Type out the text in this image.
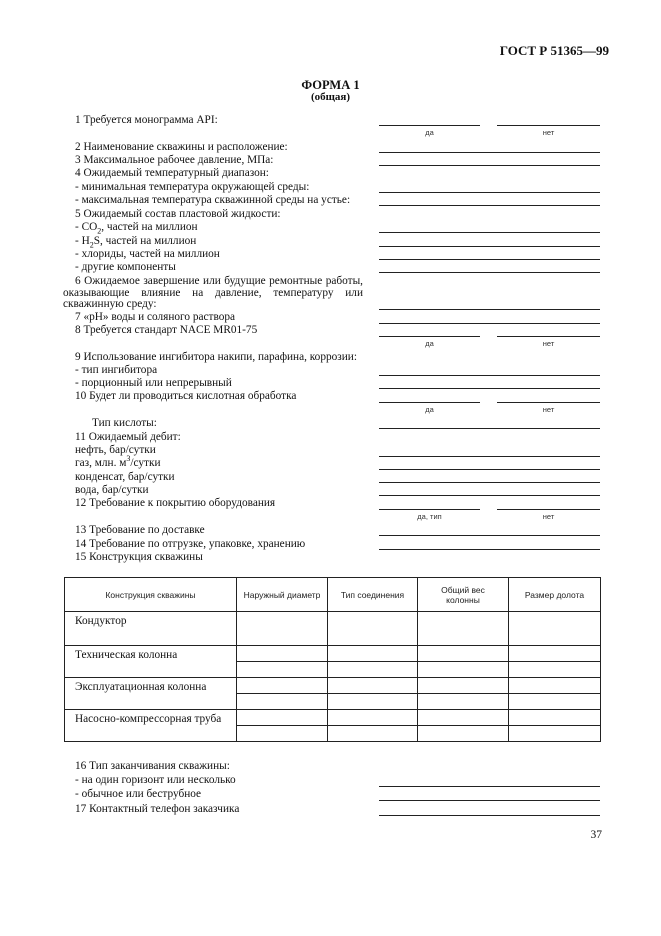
ГОСТ Р 51365—99
ФОРМА 1
(общая)
1 Требуется монограмма API:
да	нет
2 Наименование скважины и расположение:
3 Максимальное рабочее давление, МПа:
4 Ожидаемый температурный диапазон:
- минимальная температура окружающей среды:
- максимальная температура скважинной среды на устье:
5 Ожидаемый состав пластовой жидкости:
- $CO_2$, частей на миллион
- $H_2S$, частей на миллион
- хлориды, частей на миллион
- другие компоненты
6 Ожидаемое завершение или будущие ремонтные работы,
оказывающие влияние на давление, температуру или
скважинную среду:
7 «pH» воды и соляного раствора
8 Требуется стандарт NACE MR01-75
да	нет
9 Использование ингибитора накипи, парафина, коррозии:
- тип ингибитора
- порционный или непрерывный
10 Будет ли проводиться кислотная обработка
да	нет
Тип кислоты:
11 Ожидаемый дебит:
нефть, бар/сутки
газ, млн. $м^3$/сутки
конденсат, бар/сутки
вода, бар/сутки
12 Требование к покрытию оборудования
да, тип	нет
13 Требование по доставке
14 Требование по отгрузке, упаковке, хранению
15 Конструкция скважины
Конструкция скважины	Наружный диаметр	Тип соединения	Общий вес колонны	Размер долота
Кондуктор				

Техническая колонна				

Эксплуатационная колонна				

Насосно-компрессорная труба				

16 Тип заканчивания скважины:
- на один горизонт или несколько
- обычное или беструбное
17 Контактный телефон заказчика
37
